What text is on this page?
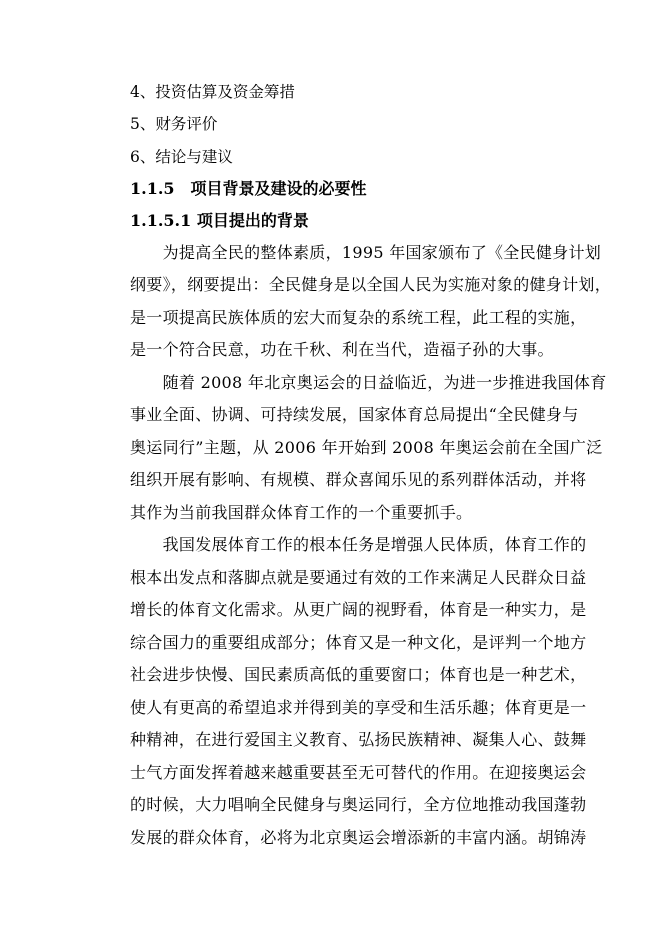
4、投资估算及资金筹措
5、财务评价
6、结论与建议
1.1.5　项目背景及建设的必要性
1.1.5.1 项目提出的背景
　　为提高全民的整体素质，1995 年国家颁布了《全民健身计划
纲要》，纲要提出：全民健身是以全国人民为实施对象的健身计划，
是一项提高民族体质的宏大而复杂的系统工程，此工程的实施，
是一个符合民意，功在千秋、利在当代，造福子孙的大事。
　　随着 2008 年北京奥运会的日益临近，为进一步推进我国体育
事业全面、协调、可持续发展，国家体育总局提出“全民健身与
奥运同行”主题，从 2006 年开始到 2008 年奥运会前在全国广泛
组织开展有影响、有规模、群众喜闻乐见的系列群体活动，并将
其作为当前我国群众体育工作的一个重要抓手。
　　我国发展体育工作的根本任务是增强人民体质，体育工作的
根本出发点和落脚点就是要通过有效的工作来满足人民群众日益
增长的体育文化需求。从更广阔的视野看，体育是一种实力，是
综合国力的重要组成部分；体育又是一种文化，是评判一个地方
社会进步快慢、国民素质高低的重要窗口；体育也是一种艺术，
使人有更高的希望追求并得到美的享受和生活乐趣；体育更是一
种精神，在进行爱国主义教育、弘扬民族精神、凝集人心、鼓舞
士气方面发挥着越来越重要甚至无可替代的作用。在迎接奥运会
的时候，大力唱响全民健身与奥运同行，全方位地推动我国蓬勃
发展的群众体育，必将为北京奥运会增添新的丰富内涵。胡锦涛
